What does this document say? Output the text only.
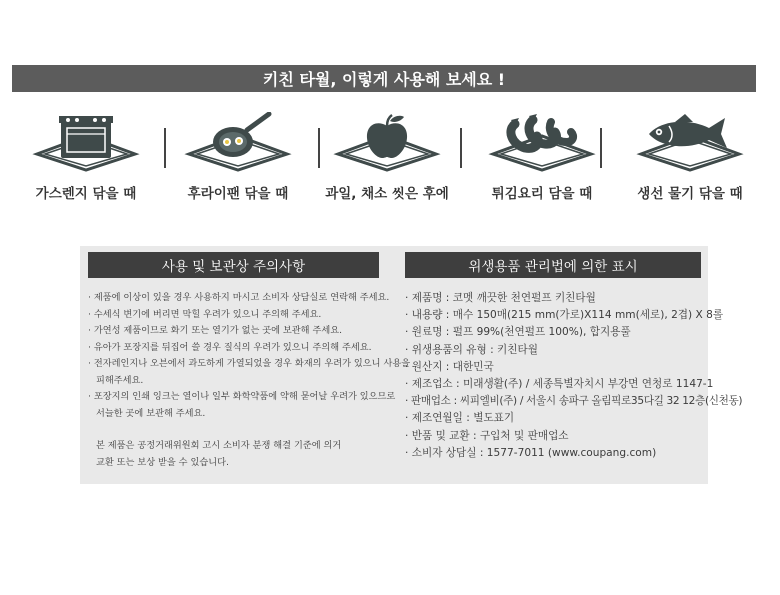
키친 타월, 이렇게 사용해 보세요 !
가스렌지 닦을 때	후라이팬 닦을 때	과일, 채소 씻은 후에	튀김요리 담을 때	생선 물기 닦을 때
사용 및 보관상 주의사항
· 제품에 이상이 있을 경우 사용하지 마시고 소비자 상담실로 연락해 주세요.
· 수세식 변기에 버리면 막힐 우려가 있으니 주의해 주세요.
· 가연성 제품이므로 화기 또는 열기가 없는 곳에 보관해 주세요.
· 유아가 포장지를 뒤집어 쓸 경우 질식의 우려가 있으니 주의해 주세요.
· 전자레인지나 오븐에서 과도하게 가열되었을 경우 화재의 우려가 있으니 사용을
피해주세요.
· 포장지의 인쇄 잉크는 열이나 일부 화학약품에 약해 묻어날 우려가 있으므로
서늘한 곳에 보관해 주세요.
본 제품은 공정거래위원회 고시 소비자 분쟁 해결 기준에 의거
교환 또는 보상 받을 수 있습니다.
위생용품 관리법에 의한 표시
· 제품명 : 코멧 깨끗한 천연펄프 키친타월
· 내용량 : 매수 150매(215 mm(가로)X114 mm(세로), 2겹) X 8롤
· 원료명 : 펄프 99%(천연펄프 100%), 합지용풀
· 위생용품의 유형 : 키친타월
· 원산지 : 대한민국
· 제조업소 : 미래생활(주) / 세종특별자치시 부강면 연청로 1147-1
· 판매업소 : 씨피엘비(주) / 서울시 송파구 올림픽로35다길 32 12층(신천동)
· 제조연월일 : 별도표기
· 반품 및 교환 : 구입처 및 판매업소
· 소비자 상담실 : 1577-7011 (www.coupang.com)
